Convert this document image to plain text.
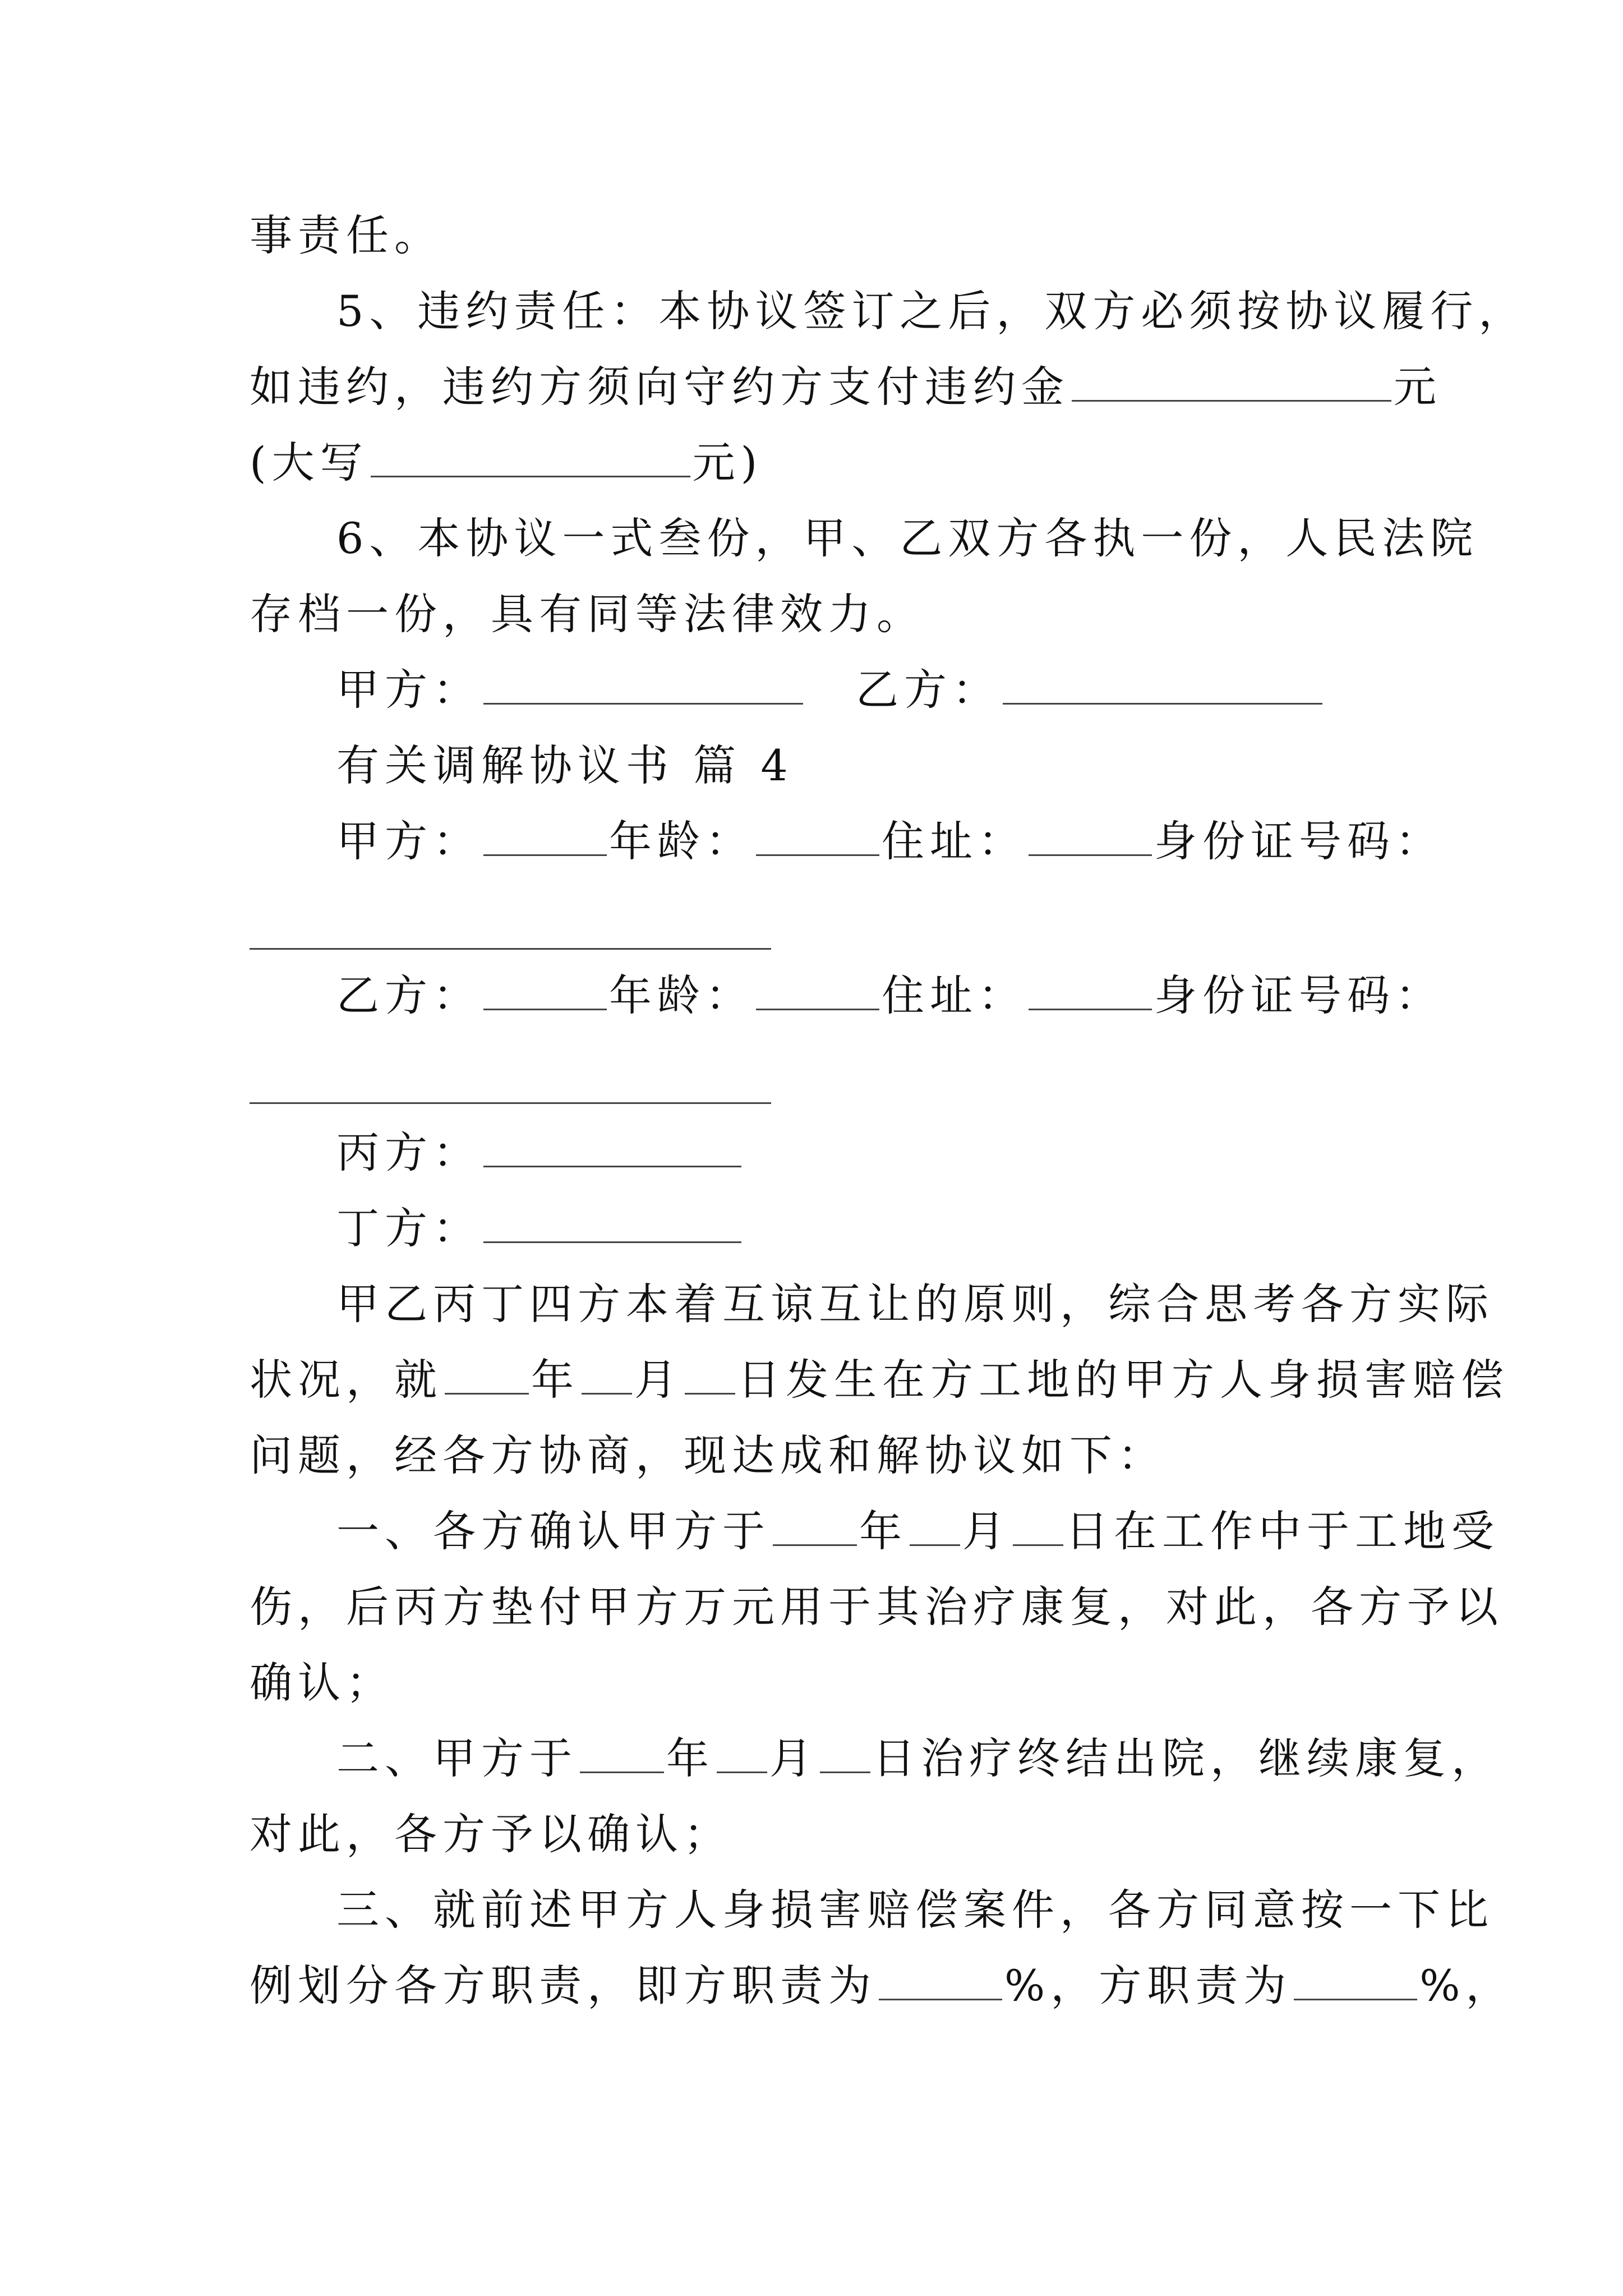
事责任。
5、违约责任：本协议签订之后，双方必须按协议履行，
如违约，违约方须向守约方支付违约金	元
(大写	元)
6、本协议一式叁份，甲、乙双方各执一份，人民法院
存档一份，具有同等法律效力。
甲方：	乙方：
有关调解协议书 篇 4
甲方：	年龄：	住址：	身份证号码：
乙方：	年龄：	住址：	身份证号码：
丙方：
丁方：
甲乙丙丁四方本着互谅互让的原则，综合思考各方实际
状况，就 年 月 日发生在方工地的甲方人身损害赔偿
问题，经各方协商，现达成和解协议如下：
一、各方确认甲方于 年 月 日在工作中于工地受
伤，后丙方垫付甲方万元用于其治疗康复，对此，各方予以
确认；
二、甲方于 年 月 日治疗终结出院，继续康复，
对此，各方予以确认；
三、就前述甲方人身损害赔偿案件，各方同意按一下比
例划分各方职责，即方职责为	%，方职责为	%，
